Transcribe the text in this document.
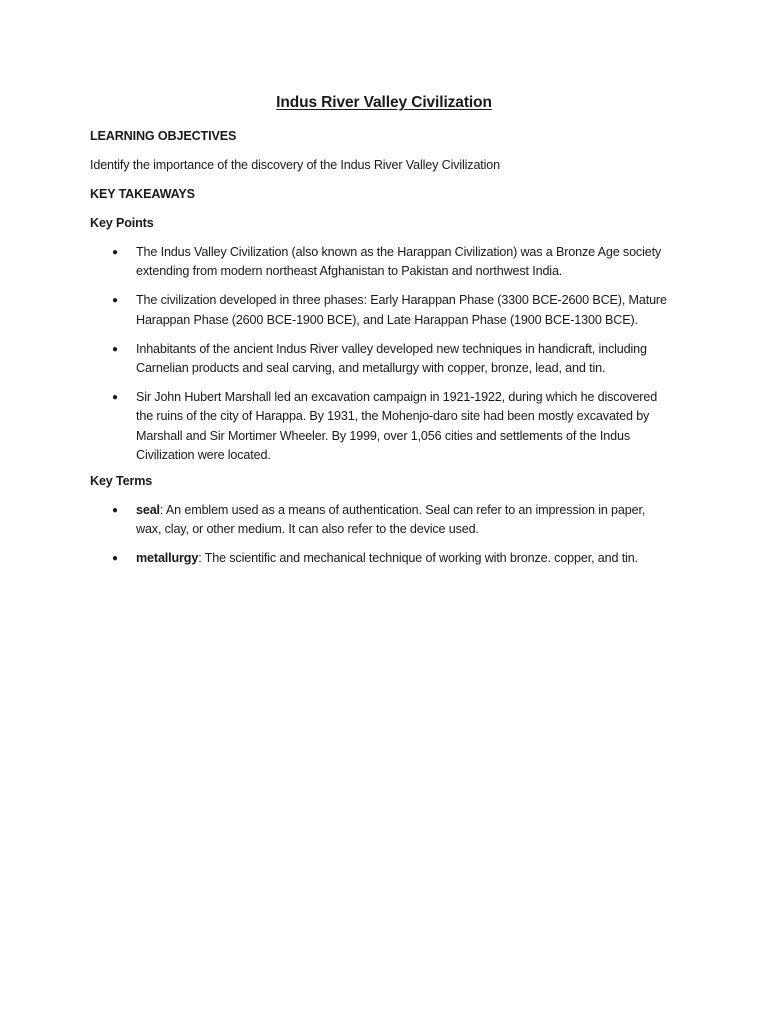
Indus River Valley Civilization
LEARNING OBJECTIVES
Identify the importance of the discovery of the Indus River Valley Civilization
KEY TAKEAWAYS
Key Points
● The Indus Valley Civilization (also known as the Harappan Civilization) was a Bronze Age society
extending from modern northeast Afghanistan to Pakistan and northwest India.
● The civilization developed in three phases: Early Harappan Phase (3300 BCE-2600 BCE), Mature
Harappan Phase (2600 BCE-1900 BCE), and Late Harappan Phase (1900 BCE-1300 BCE).
● Inhabitants of the ancient Indus River valley developed new techniques in handicraft, including
Carnelian products and seal carving, and metallurgy with copper, bronze, lead, and tin.
● Sir John Hubert Marshall led an excavation campaign in 1921-1922, during which he discovered
the ruins of the city of Harappa. By 1931, the Mohenjo-daro site had been mostly excavated by
Marshall and Sir Mortimer Wheeler. By 1999, over 1,056 cities and settlements of the Indus
Civilization were located.
Key Terms
● seal: An emblem used as a means of authentication. Seal can refer to an impression in paper,
wax, clay, or other medium. It can also refer to the device used.
● metallurgy: The scientific and mechanical technique of working with bronze. copper, and tin.
